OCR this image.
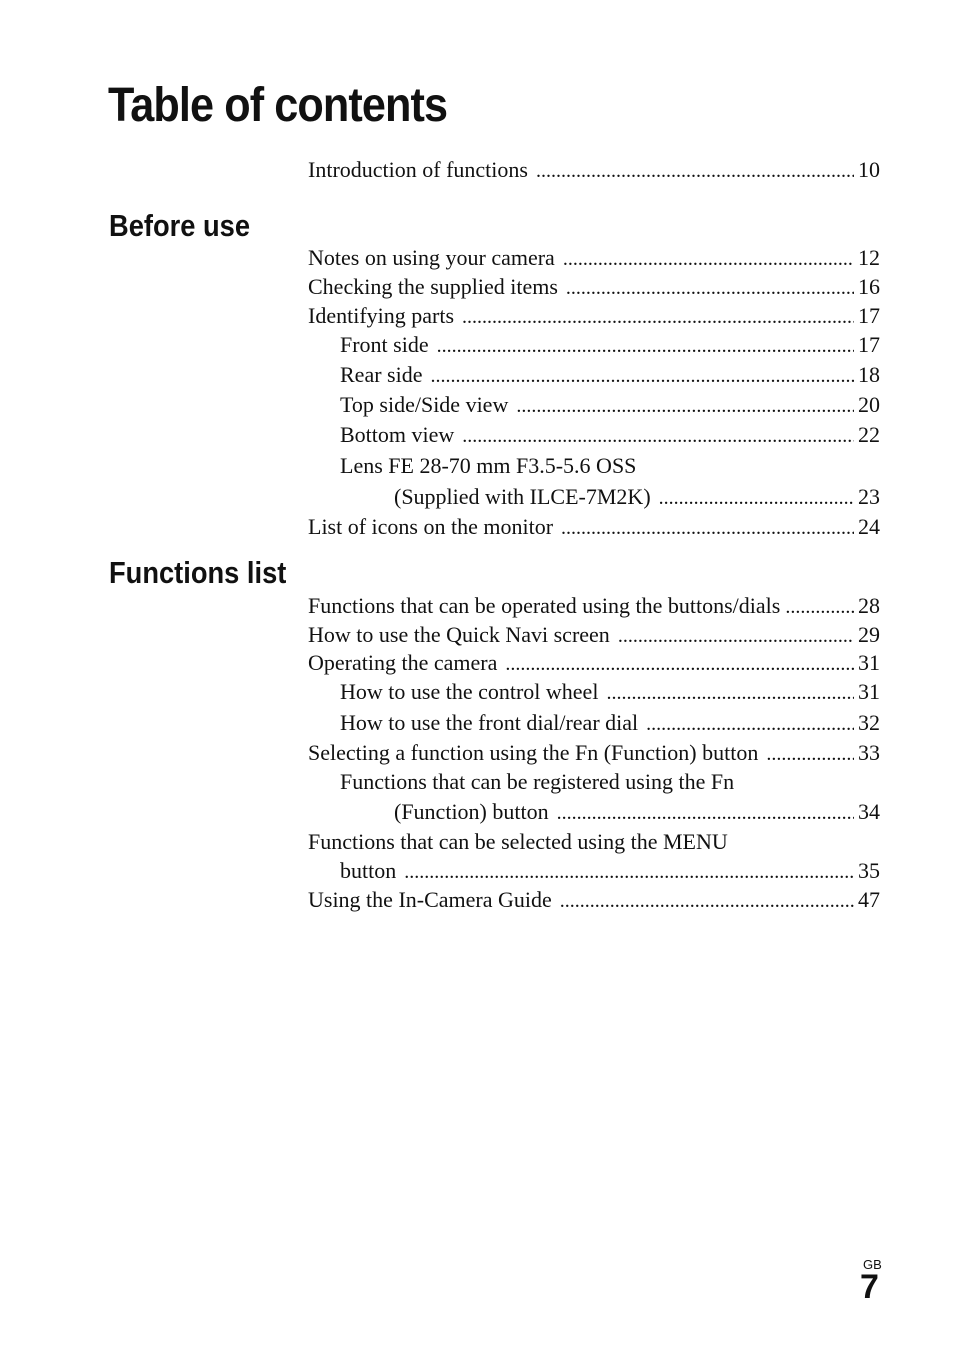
Table of contents
Introduction of functions .....	10
Before use
Notes on using your camera .....	12
Checking the supplied items .....	16
Identifying parts .....	17
Front side .....	17
Rear side .....	18
Top side/Side view .....	20
Bottom view .....	22
Lens FE 28-70 mm F3.5-5.6 OSS
(Supplied with ILCE-7M2K) .....	23
List of icons on the monitor .....	24
Functions list
Functions that can be operated using the buttons/dials .....	28
How to use the Quick Navi screen .....	29
Operating the camera .....	31
How to use the control wheel .....	31
How to use the front dial/rear dial .....	32
Selecting a function using the Fn (Function) button .....	33
Functions that can be registered using the Fn
(Function) button .....	34
Functions that can be selected using the MENU
button .....	35
Using the In-Camera Guide .....	47
GB
7
